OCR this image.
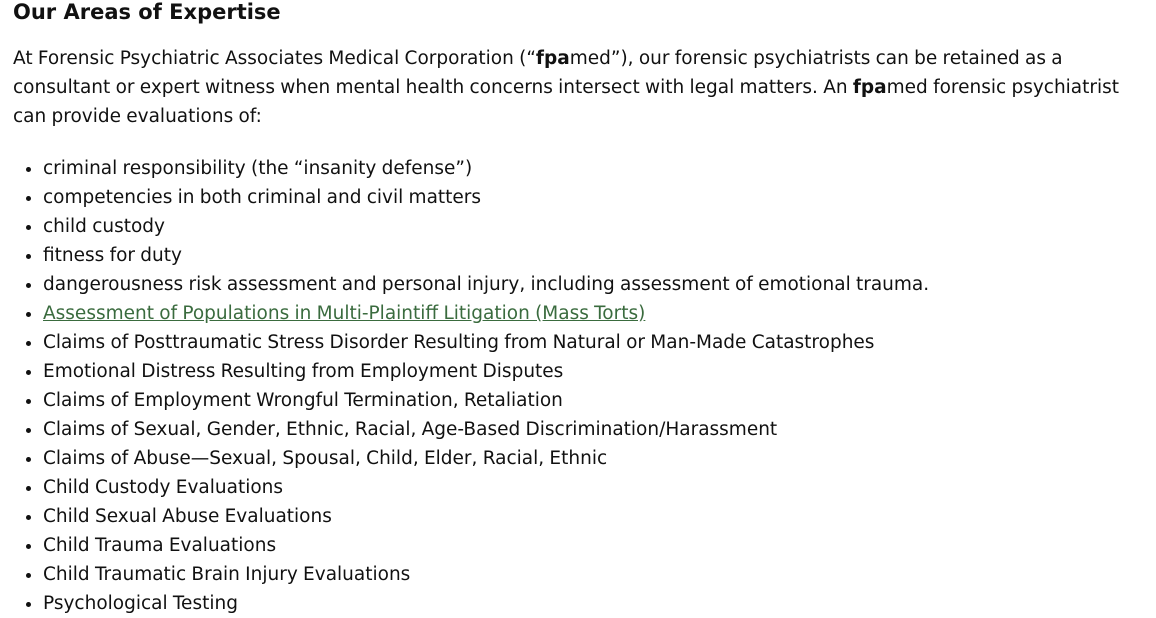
Our Areas of Expertise

At Forensic Psychiatric Associates Medical Corporation (“fpamed”), our forensic psychiatrists can be retained as a consultant or expert witness when mental health concerns intersect with legal matters. An fpamed forensic psychiatrist can provide evaluations of:

• criminal responsibility (the “insanity defense”)
• competencies in both criminal and civil matters
• child custody
• fitness for duty
• dangerousness risk assessment and personal injury, including assessment of emotional trauma.
• Assessment of Populations in Multi-Plaintiff Litigation (Mass Torts)
• Claims of Posttraumatic Stress Disorder Resulting from Natural or Man-Made Catastrophes
• Emotional Distress Resulting from Employment Disputes
• Claims of Employment Wrongful Termination, Retaliation
• Claims of Sexual, Gender, Ethnic, Racial, Age-Based Discrimination/Harassment
• Claims of Abuse—Sexual, Spousal, Child, Elder, Racial, Ethnic
• Child Custody Evaluations
• Child Sexual Abuse Evaluations
• Child Trauma Evaluations
• Child Traumatic Brain Injury Evaluations
• Psychological Testing
